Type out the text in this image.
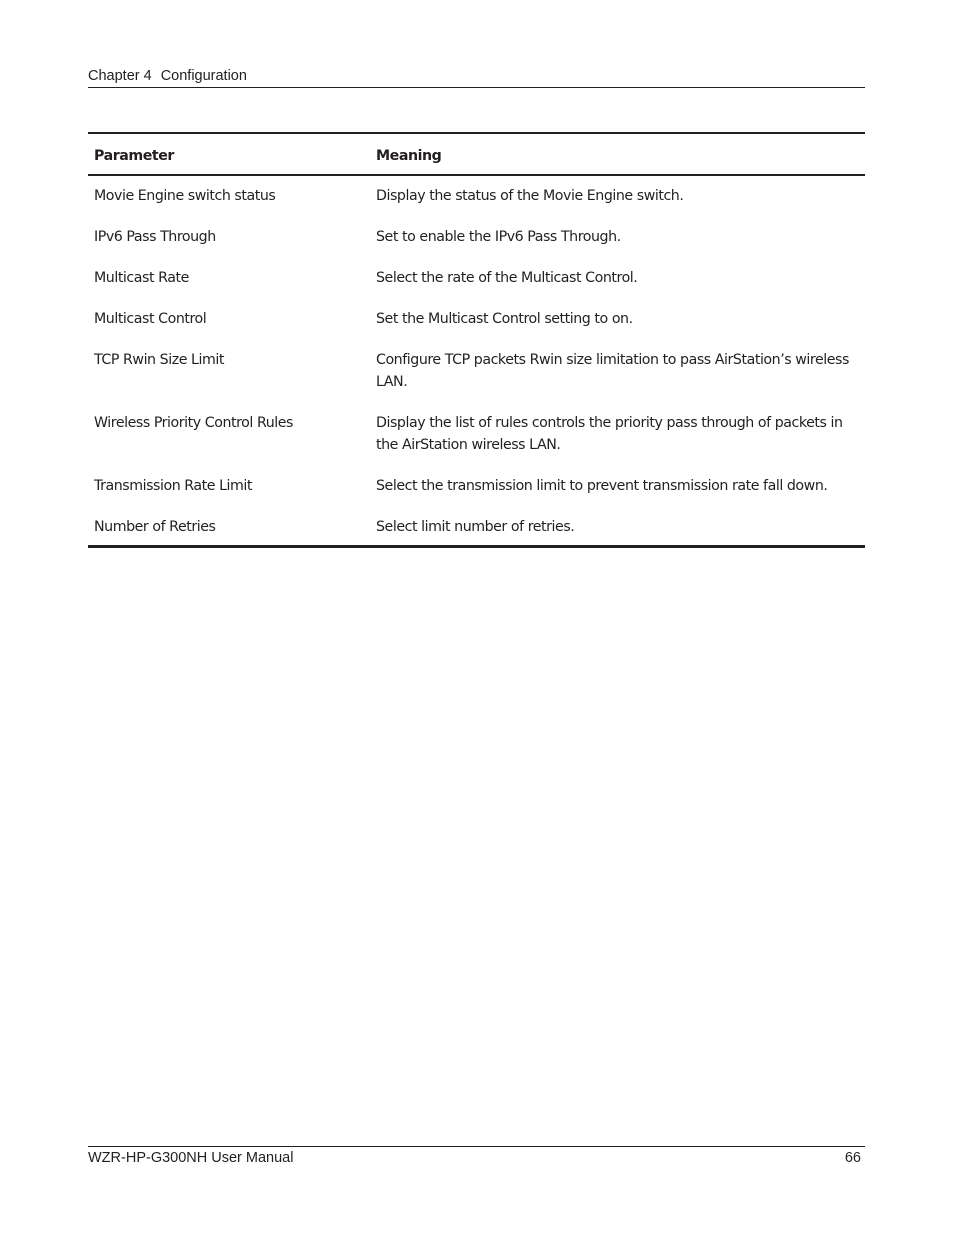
Chapter 4 Configuration
Parameter	Meaning
Movie Engine switch status	Display the status of the Movie Engine switch.
IPv6 Pass Through	Set to enable the IPv6 Pass Through.
Multicast Rate	Select the rate of the Multicast Control.
Multicast Control	Set the Multicast Control setting to on.
TCP Rwin Size Limit	Configure TCP packets Rwin size limitation to pass AirStation’s wireless LAN.
Wireless Priority Control Rules	Display the list of rules controls the priority pass through of packets in the AirStation wireless LAN.
Transmission Rate Limit	Select the transmission limit to prevent transmission rate fall down.
Number of Retries	Select limit number of retries.
WZR-HP-G300NH User Manual	66
